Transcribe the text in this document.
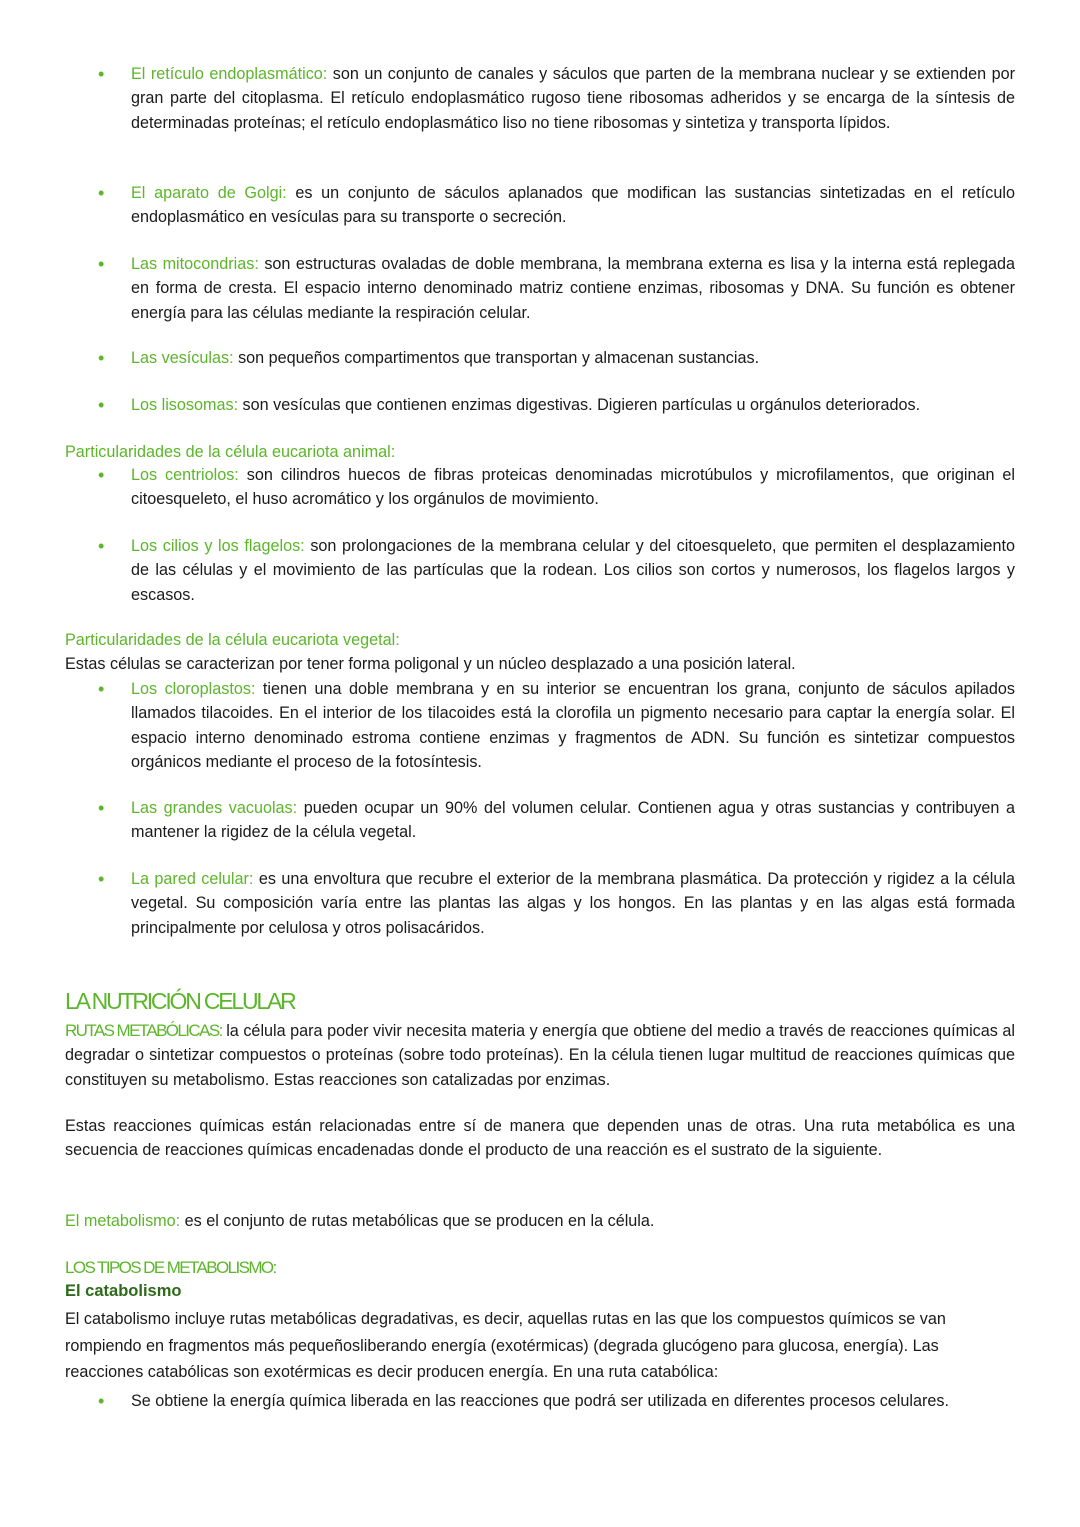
• El retículo endoplasmático: son un conjunto de canales y sáculos que parten de la membrana nuclear y se extienden por gran parte del citoplasma. El retículo endoplasmático rugoso tiene ribosomas adheridos y se encarga de la síntesis de determinadas proteínas; el retículo endoplasmático liso no tiene ribosomas y sintetiza y transporta lípidos.
• El aparato de Golgi: es un conjunto de sáculos aplanados que modifican las sustancias sintetizadas en el retículo endoplasmático en vesículas para su transporte o secreción.
• Las mitocondrias: son estructuras ovaladas de doble membrana, la membrana externa es lisa y la interna está replegada en forma de cresta. El espacio interno denominado matriz contiene enzimas, ribosomas y DNA. Su función es obtener energía para las células mediante la respiración celular.
• Las vesículas: son pequeños compartimentos que transportan y almacenan sustancias.
• Los lisosomas: son vesículas que contienen enzimas digestivas. Digieren partículas u orgánulos deteriorados.
Particularidades de la célula eucariota animal:
• Los centriolos: son cilindros huecos de fibras proteicas denominadas microtúbulos y microfilamentos, que originan el citoesqueleto, el huso acromático y los orgánulos de movimiento.
• Los cilios y los flagelos: son prolongaciones de la membrana celular y del citoesqueleto, que permiten el desplazamiento de las células y el movimiento de las partículas que la rodean. Los cilios son cortos y numerosos, los flagelos largos y escasos.
Particularidades de la célula eucariota vegetal:
Estas células se caracterizan por tener forma poligonal y un núcleo desplazado a una posición lateral.
• Los cloroplastos: tienen una doble membrana y en su interior se encuentran los grana, conjunto de sáculos apilados llamados tilacoides. En el interior de los tilacoides está la clorofila un pigmento necesario para captar la energía solar. El espacio interno denominado estroma contiene enzimas y fragmentos de ADN. Su función es sintetizar compuestos orgánicos mediante el proceso de la fotosíntesis.
• Las grandes vacuolas: pueden ocupar un 90% del volumen celular. Contienen agua y otras sustancias y contribuyen a mantener la rigidez de la célula vegetal.
• La pared celular: es una envoltura que recubre el exterior de la membrana plasmática. Da protección y rigidez a la célula vegetal. Su composición varía entre las plantas las algas y los hongos. En las plantas y en las algas está formada principalmente por celulosa y otros polisacáridos.
LA NUTRICIÓN CELULAR
RUTAS METABÓLICAS: la célula para poder vivir necesita materia y energía que obtiene del medio a través de reacciones químicas al degradar o sintetizar compuestos o proteínas (sobre todo proteínas). En la célula tienen lugar multitud de reacciones químicas que constituyen su metabolismo. Estas reacciones son catalizadas por enzimas.
Estas reacciones químicas están relacionadas entre sí de manera que dependen unas de otras. Una ruta metabólica es una secuencia de reacciones químicas encadenadas donde el producto de una reacción es el sustrato de la siguiente.
El metabolismo: es el conjunto de rutas metabólicas que se producen en la célula.
LOS TIPOS DE METABOLISMO:
El catabolismo
El catabolismo incluye rutas metabólicas degradativas, es decir, aquellas rutas en las que los compuestos químicos se van rompiendo en fragmentos más pequeñosliberando energía (exotérmicas) (degrada glucógeno para glucosa, energía). Las reacciones catabólicas son exotérmicas es decir producen energía. En una ruta catabólica:
• Se obtiene la energía química liberada en las reacciones que podrá ser utilizada en diferentes procesos celulares.
